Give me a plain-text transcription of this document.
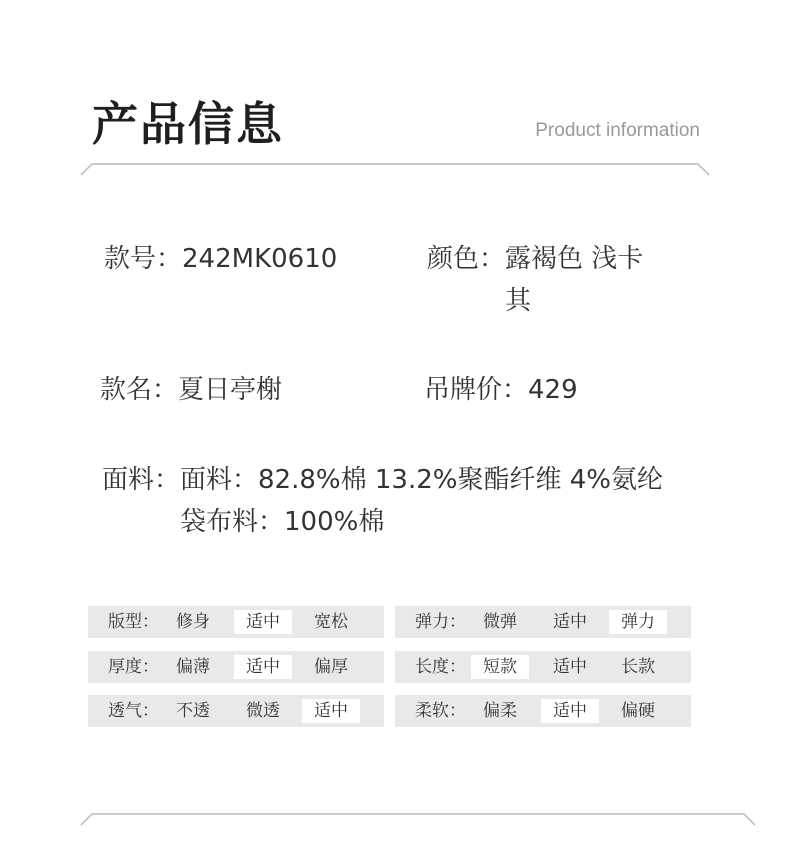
产品信息	Product information
款号：242MK0610	颜色：露褐色 浅卡
其
款名：夏日亭榭	吊牌价：429
面料：面料：82.8%棉 13.2%聚酯纤维 4%氨纶
袋布料：100%棉
版型：	修身	适中	宽松	弹力：	微弹	适中	弹力
厚度：	偏薄	适中	偏厚	长度：	短款	适中	长款
透气：	不透	微透	适中	柔软：	偏柔	适中	偏硬
